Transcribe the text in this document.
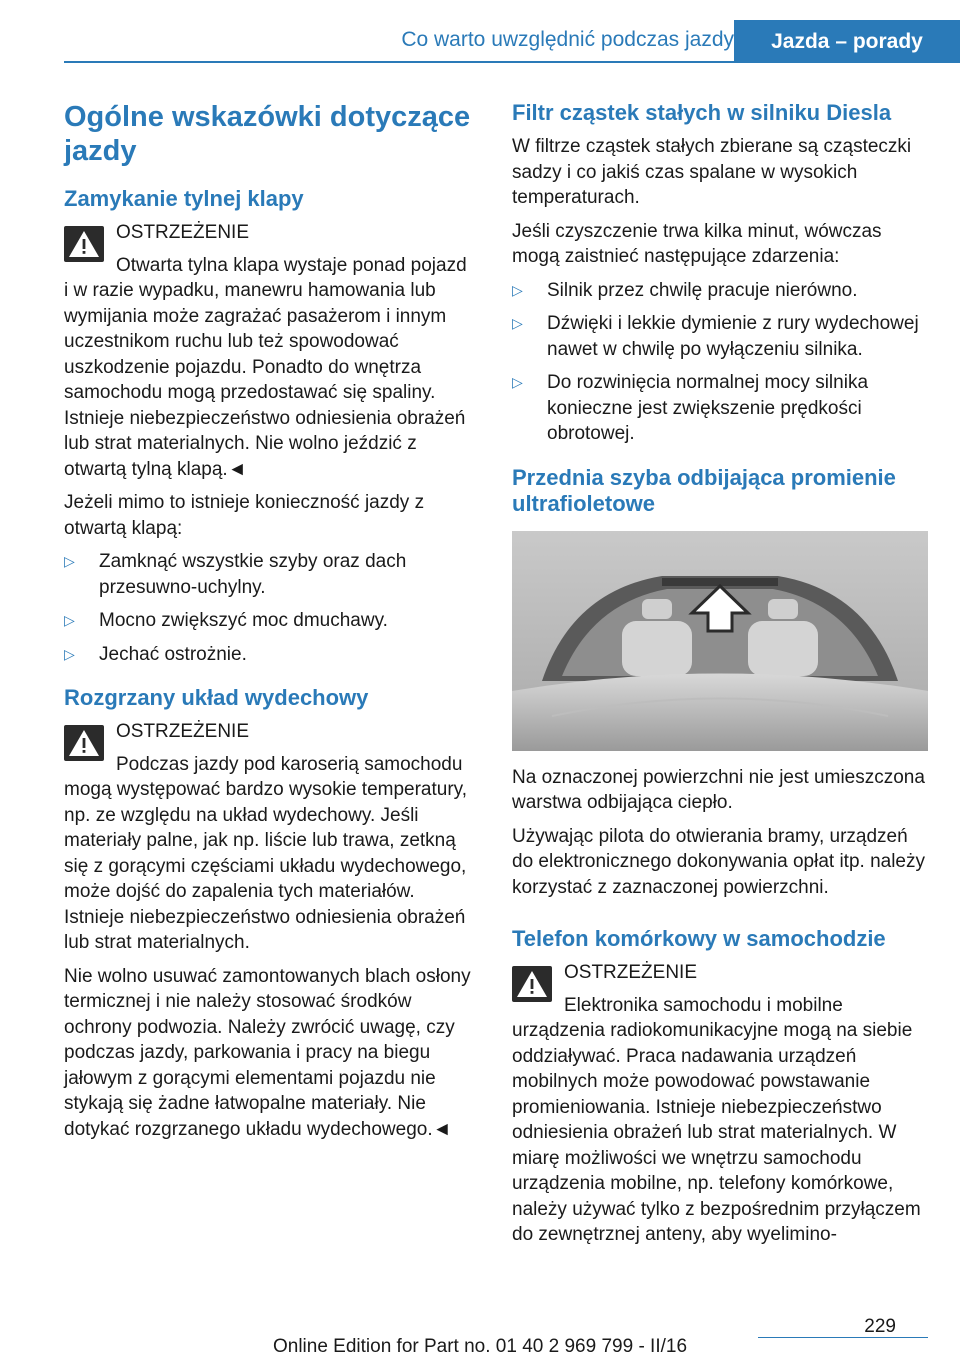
Co warto uwzględnić podczas jazdy	Jazda – porady
Ogólne wskazówki dotyczące jazdy
Zamykanie tylnej klapy
OSTRZEŻENIE
Otwarta tylna klapa wystaje ponad pojazd i w razie wypadku, manewru hamowania lub wymijania może zagrażać pasażerom i innym uczestnikom ruchu lub też spowodować uszkodzenie pojazdu. Ponadto do wnętrza samochodu mogą przedostawać się spaliny. Istnieje niebezpieczeństwo odniesienia obrażeń lub strat materialnych. Nie wolno jeździć z otwartą tylną klapą.◄

Jeżeli mimo to istnieje konieczność jazdy z otwartą klapą:

▷ Zamknąć wszystkie szyby oraz dach przesuwno-uchylny.
▷ Mocno zwiększyć moc dmuchawy.
▷ Jechać ostrożnie.
Rozgrzany układ wydechowy
OSTRZEŻENIE
Podczas jazdy pod karoserią samochodu mogą występować bardzo wysokie temperatury, np. ze względu na układ wydechowy. Jeśli materiały palne, jak np. liście lub trawa, zetkną się z gorącymi częściami układu wydechowego, może dojść do zapalenia tych materiałów. Istnieje niebezpieczeństwo odniesienia obrażeń lub strat materialnych.

Nie wolno usuwać zamontowanych blach osłony termicznej i nie należy stosować środków ochrony podwozia. Należy zwrócić uwagę, czy podczas jazdy, parkowania i pracy na biegu jałowym z gorącymi elementami pojazdu nie stykają się żadne łatwopalne materiały. Nie dotykać rozgrzanego układu wydechowego.◄

Filtr cząstek stałych w silniku Diesla

W filtrze cząstek stałych zbierane są cząsteczki sadzy i co jakiś czas spalane w wysokich temperaturach.

Jeśli czyszczenie trwa kilka minut, wówczas mogą zaistnieć następujące zdarzenia:

▷ Silnik przez chwilę pracuje nierówno.
▷ Dźwięki i lekkie dymienie z rury wydechowej nawet w chwilę po wyłączeniu silnika.
▷ Do rozwinięcia normalnej mocy silnika konieczne jest zwiększenie prędkości obrotowej.
Przednia szyba odbijająca promienie ultrafioletowe

Na oznaczonej powierzchni nie jest umieszczona warstwa odbijająca ciepło.

Używając pilota do otwierania bramy, urządzeń do elektronicznego dokonywania opłat itp. należy korzystać z zaznaczonej powierzchni.

Telefon komórkowy w samochodzie
OSTRZEŻENIE
Elektronika samochodu i mobilne urządzenia radiokomunikacyjne mogą na siebie oddziaływać. Praca nadawania urządzeń mobilnych może powodować powstawanie promieniowania. Istnieje niebezpieczeństwo odniesienia obrażeń lub strat materialnych. W miarę możliwości we wnętrzu samochodu urządzenia mobilne, np. telefony komórkowe, należy używać tylko z bezpośrednim przyłączem do zewnętrznej anteny, aby wyelimino-
229
Online Edition for Part no. 01 40 2 969 799 - II/16
